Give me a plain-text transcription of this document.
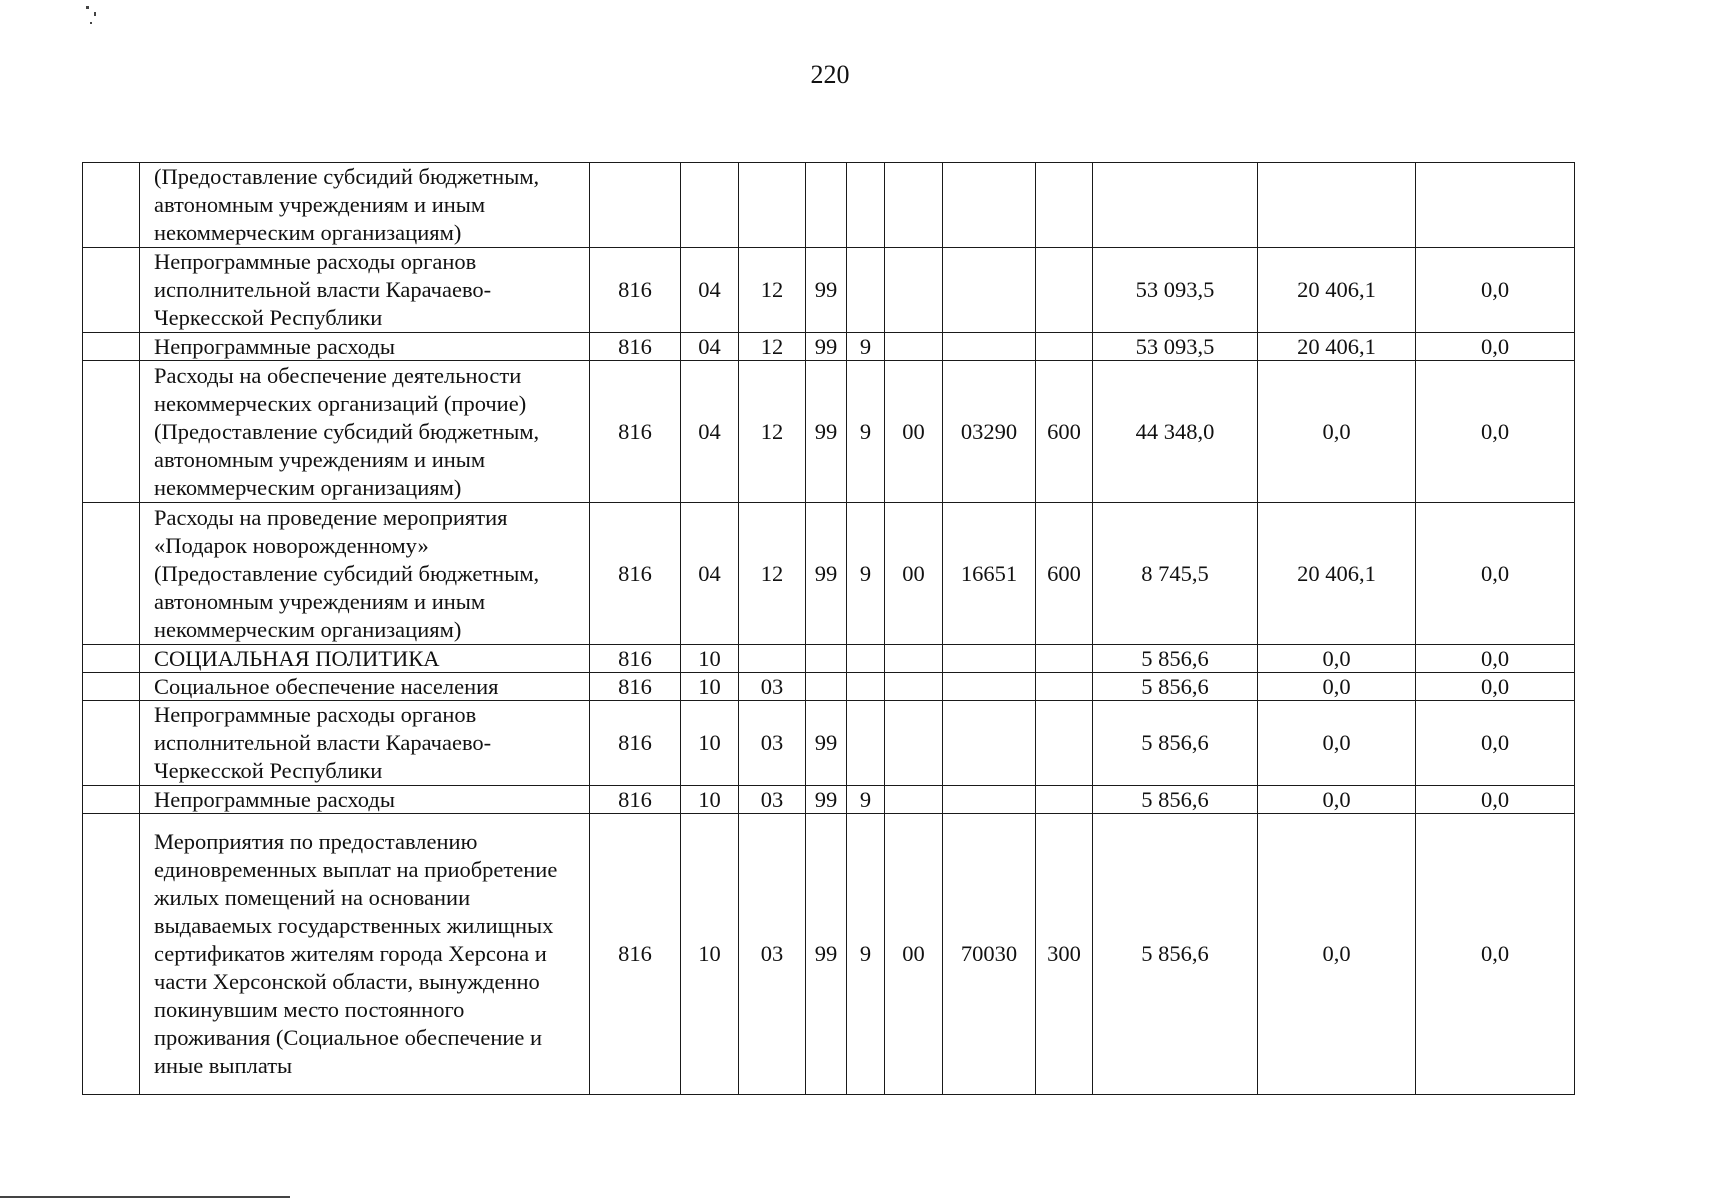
220
	(Предоставление субсидий бюджетным, автономным учреждениям и иным некоммерческим организациям)											
	Непрограммные расходы органов исполнительной власти Карачаево-Черкесской Республики	816	04	12	99					53 093,5	20 406,1	0,0
	Непрограммные расходы	816	04	12	99	9				53 093,5	20 406,1	0,0
	Расходы на обеспечение деятельности некоммерческих организаций (прочие) (Предоставление субсидий бюджетным, автономным учреждениям и иным некоммерческим организациям)	816	04	12	99	9	00	03290	600	44 348,0	0,0	0,0
	Расходы на проведение мероприятия «Подарок новорожденному» (Предоставление субсидий бюджетным, автономным учреждениям и иным некоммерческим организациям)	816	04	12	99	9	00	16651	600	8 745,5	20 406,1	0,0
	СОЦИАЛЬНАЯ ПОЛИТИКА	816	10							5 856,6	0,0	0,0
	Социальное обеспечение населения	816	10	03						5 856,6	0,0	0,0
	Непрограммные расходы органов исполнительной власти Карачаево-Черкесской Республики	816	10	03	99					5 856,6	0,0	0,0
	Непрограммные расходы	816	10	03	99	9				5 856,6	0,0	0,0
	Мероприятия по предоставлению единовременных выплат на приобретение жилых помещений на основании выдаваемых государственных жилищных сертификатов жителям города Херсона и части Херсонской области, вынужденно покинувшим место постоянного проживания (Социальное обеспечение и иные выплаты	816	10	03	99	9	00	70030	300	5 856,6	0,0	0,0
